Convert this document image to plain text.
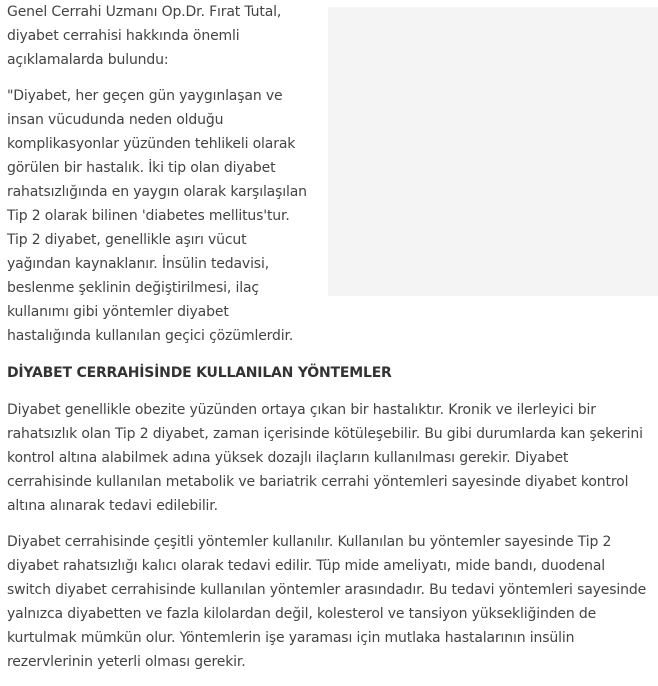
Genel Cerrahi Uzmanı Op.Dr. Fırat Tutal,
diyabet cerrahisi hakkında önemli
açıklamalarda bulundu:

"Diyabet, her geçen gün yaygınlaşan ve
insan vücudunda neden olduğu
komplikasyonlar yüzünden tehlikeli olarak
görülen bir hastalık. İki tip olan diyabet
rahatsızlığında en yaygın olarak karşılaşılan
Tip 2 olarak bilinen 'diabetes mellitus'tur.
Tip 2 diyabet, genellikle aşırı vücut
yağından kaynaklanır. İnsülin tedavisi,
beslenme şeklinin değiştirilmesi, ilaç
kullanımı gibi yöntemler diyabet
hastalığında kullanılan geçici çözümlerdir.

DİYABET CERRAHİSİNDE KULLANILAN YÖNTEMLER

Diyabet genellikle obezite yüzünden ortaya çıkan bir hastalıktır. Kronik ve ilerleyici bir
rahatsızlık olan Tip 2 diyabet, zaman içerisinde kötüleşebilir. Bu gibi durumlarda kan şekerini
kontrol altına alabilmek adına yüksek dozajlı ilaçların kullanılması gerekir. Diyabet
cerrahisinde kullanılan metabolik ve bariatrik cerrahi yöntemleri sayesinde diyabet kontrol
altına alınarak tedavi edilebilir.

Diyabet cerrahisinde çeşitli yöntemler kullanılır. Kullanılan bu yöntemler sayesinde Tip 2
diyabet rahatsızlığı kalıcı olarak tedavi edilir. Tüp mide ameliyatı, mide bandı, duodenal
switch diyabet cerrahisinde kullanılan yöntemler arasındadır. Bu tedavi yöntemleri sayesinde
yalnızca diyabetten ve fazla kilolardan değil, kolesterol ve tansiyon yüksekliğinden de
kurtulmak mümkün olur. Yöntemlerin işe yaraması için mutlaka hastalarının insülin
rezervlerinin yeterli olması gerekir.
